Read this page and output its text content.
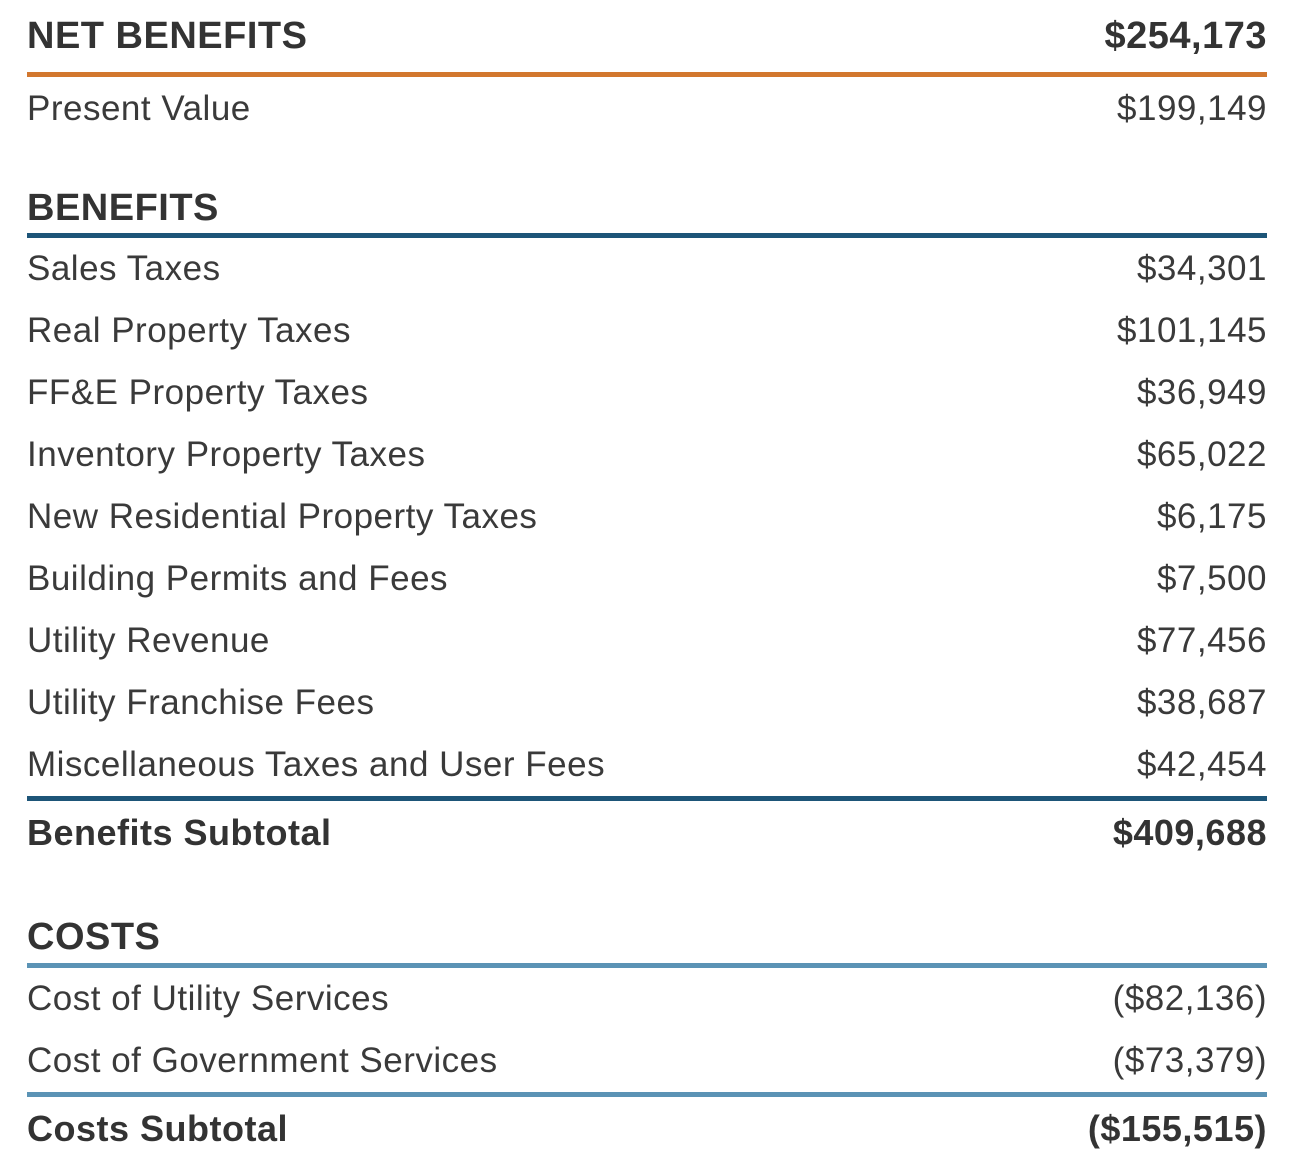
NET BENEFITS	$254,173
Present Value	$199,149
BENEFITS
Sales Taxes	$34,301
Real Property Taxes	$101,145
FF&E Property Taxes	$36,949
Inventory Property Taxes	$65,022
New Residential Property Taxes	$6,175
Building Permits and Fees	$7,500
Utility Revenue	$77,456
Utility Franchise Fees	$38,687
Miscellaneous Taxes and User Fees	$42,454
Benefits Subtotal	$409,688
COSTS
Cost of Utility Services	($82,136)
Cost of Government Services	($73,379)
Costs Subtotal	($155,515)
